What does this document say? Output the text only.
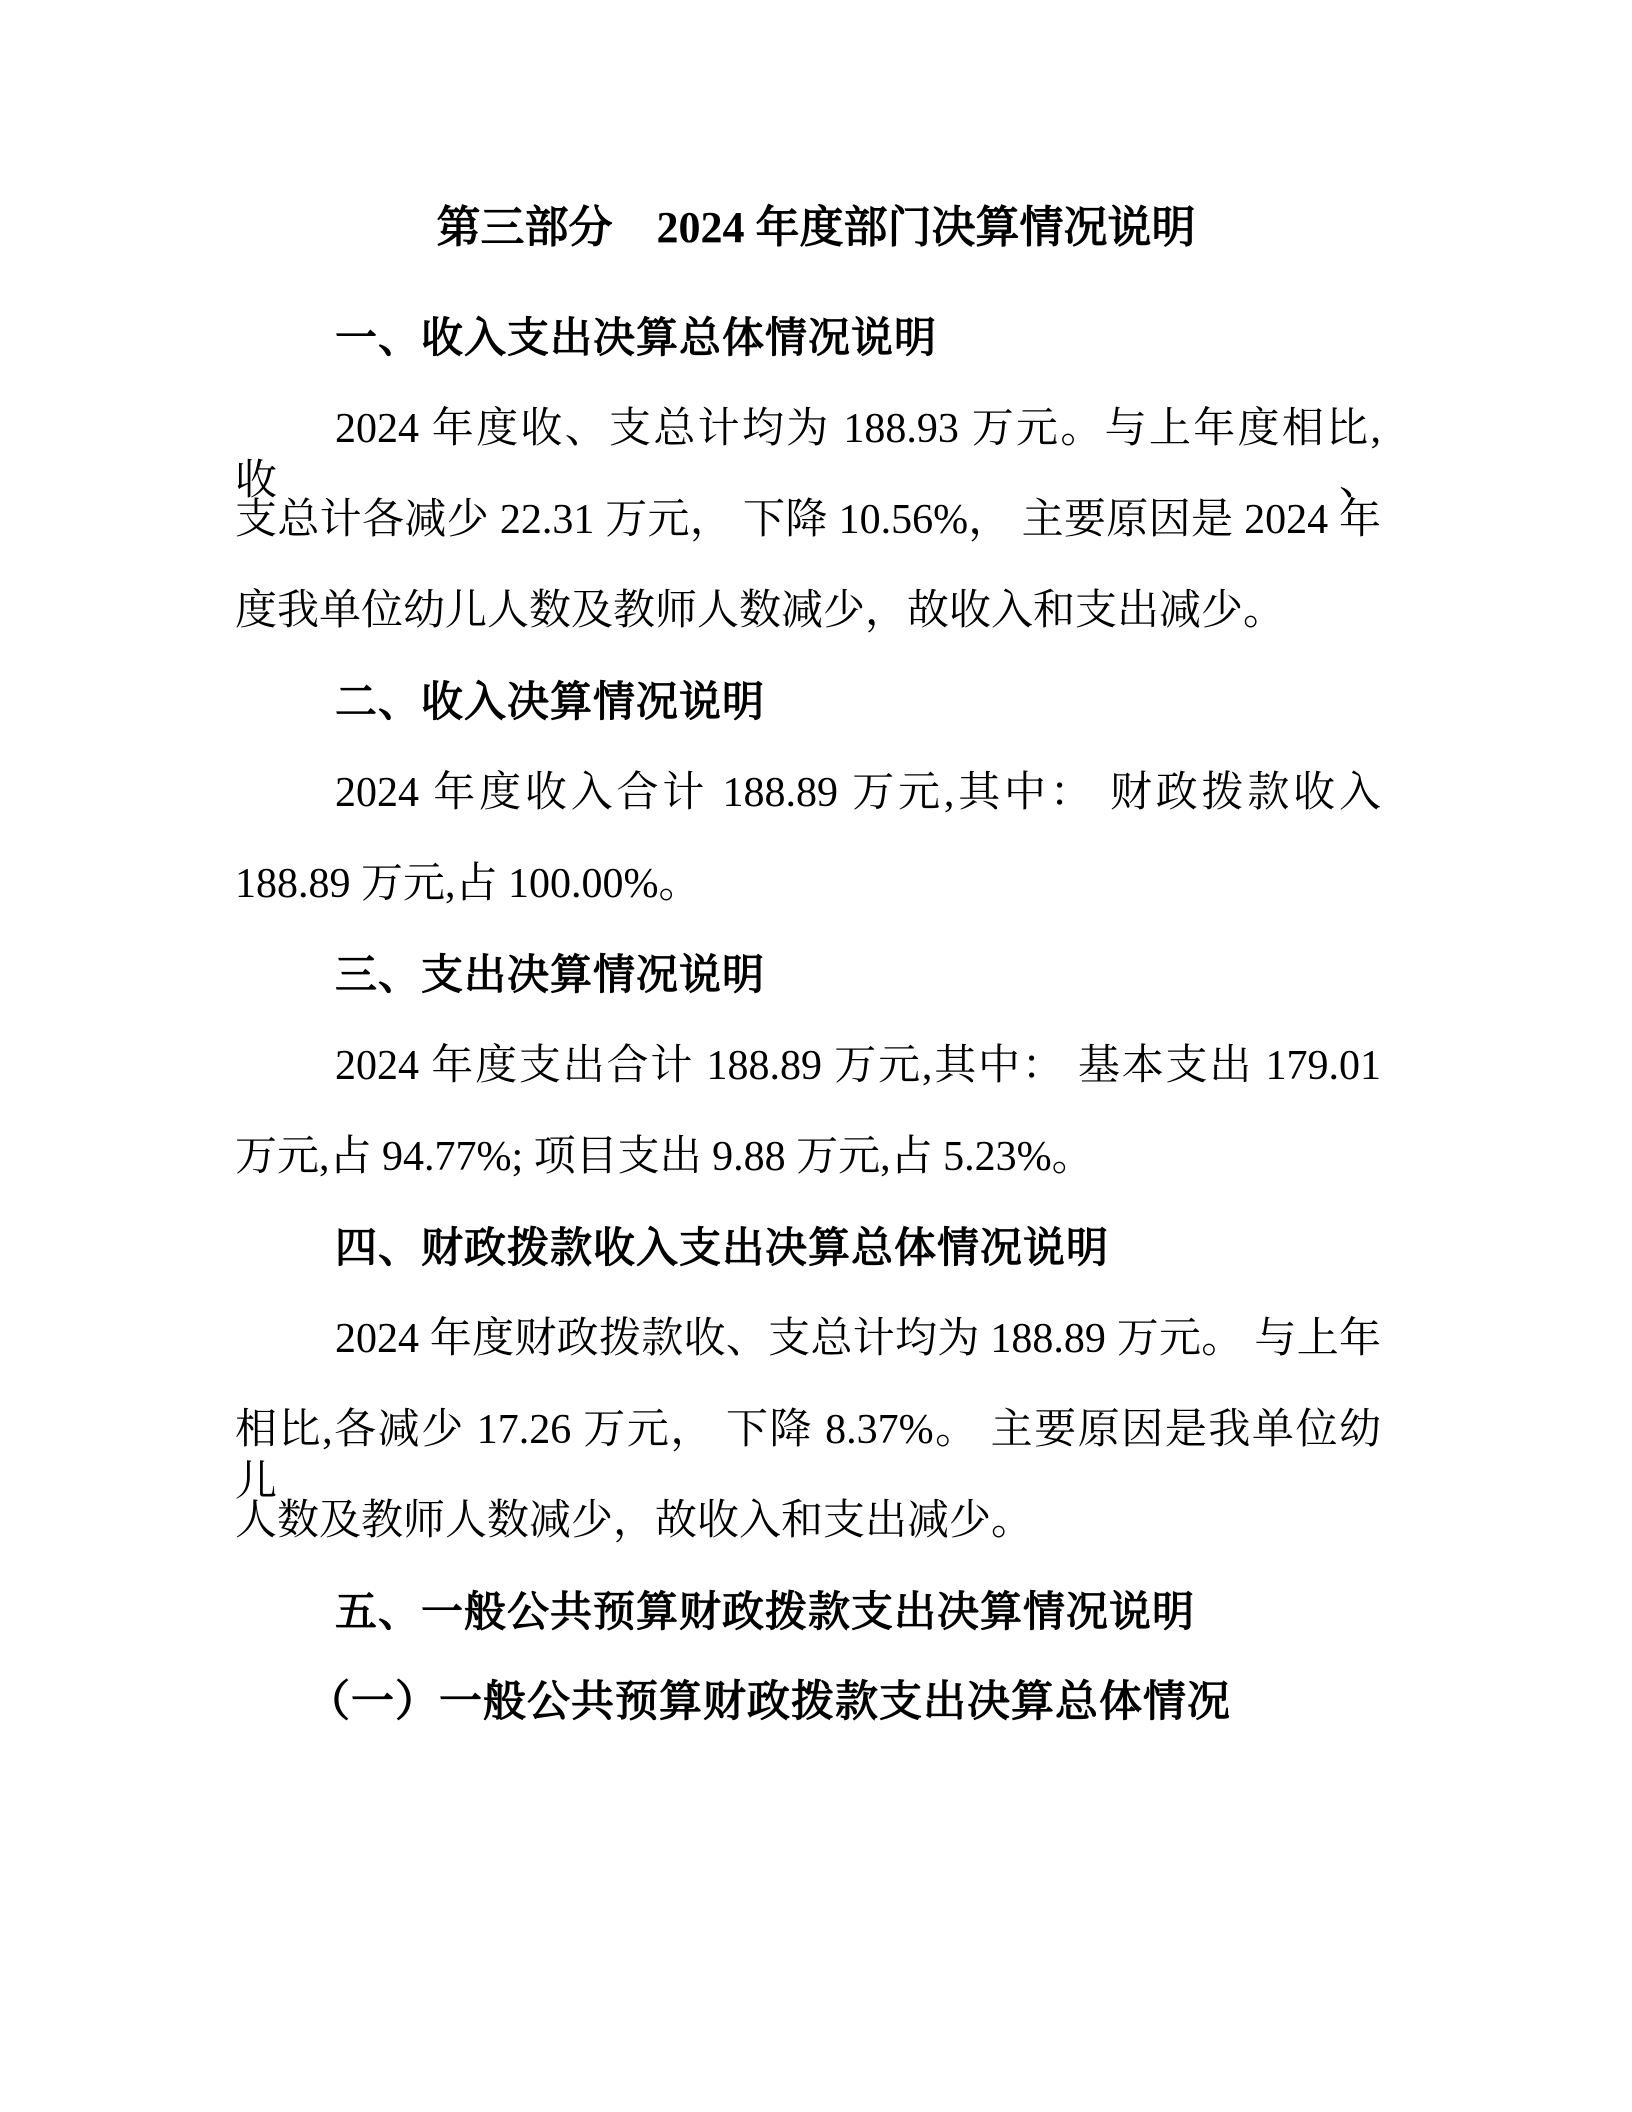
第三部分　2024 年度部门决算情况说明
一、收入支出决算总体情况说明
2024 年度收、支总计均为 188.93 万元。与上年度相比,收、
支总计各减少 22.31 万元， 下降 10.56%， 主要原因是 2024 年
度我单位幼儿人数及教师人数减少，故收入和支出减少。
二、收入决算情况说明
2024 年度收入合计 188.89 万元,其中： 财政拨款收入
188.89 万元,占 100.00%。
三、支出决算情况说明
2024 年度支出合计 188.89 万元,其中： 基本支出 179.01
万元,占 94.77%; 项目支出 9.88 万元,占 5.23%。
四、财政拨款收入支出决算总体情况说明
2024 年度财政拨款收、支总计均为 188.89 万元。 与上年
相比,各减少 17.26 万元， 下降 8.37%。 主要原因是我单位幼儿
人数及教师人数减少，故收入和支出减少。
五、一般公共预算财政拨款支出决算情况说明
（一）一般公共预算财政拨款支出决算总体情况
